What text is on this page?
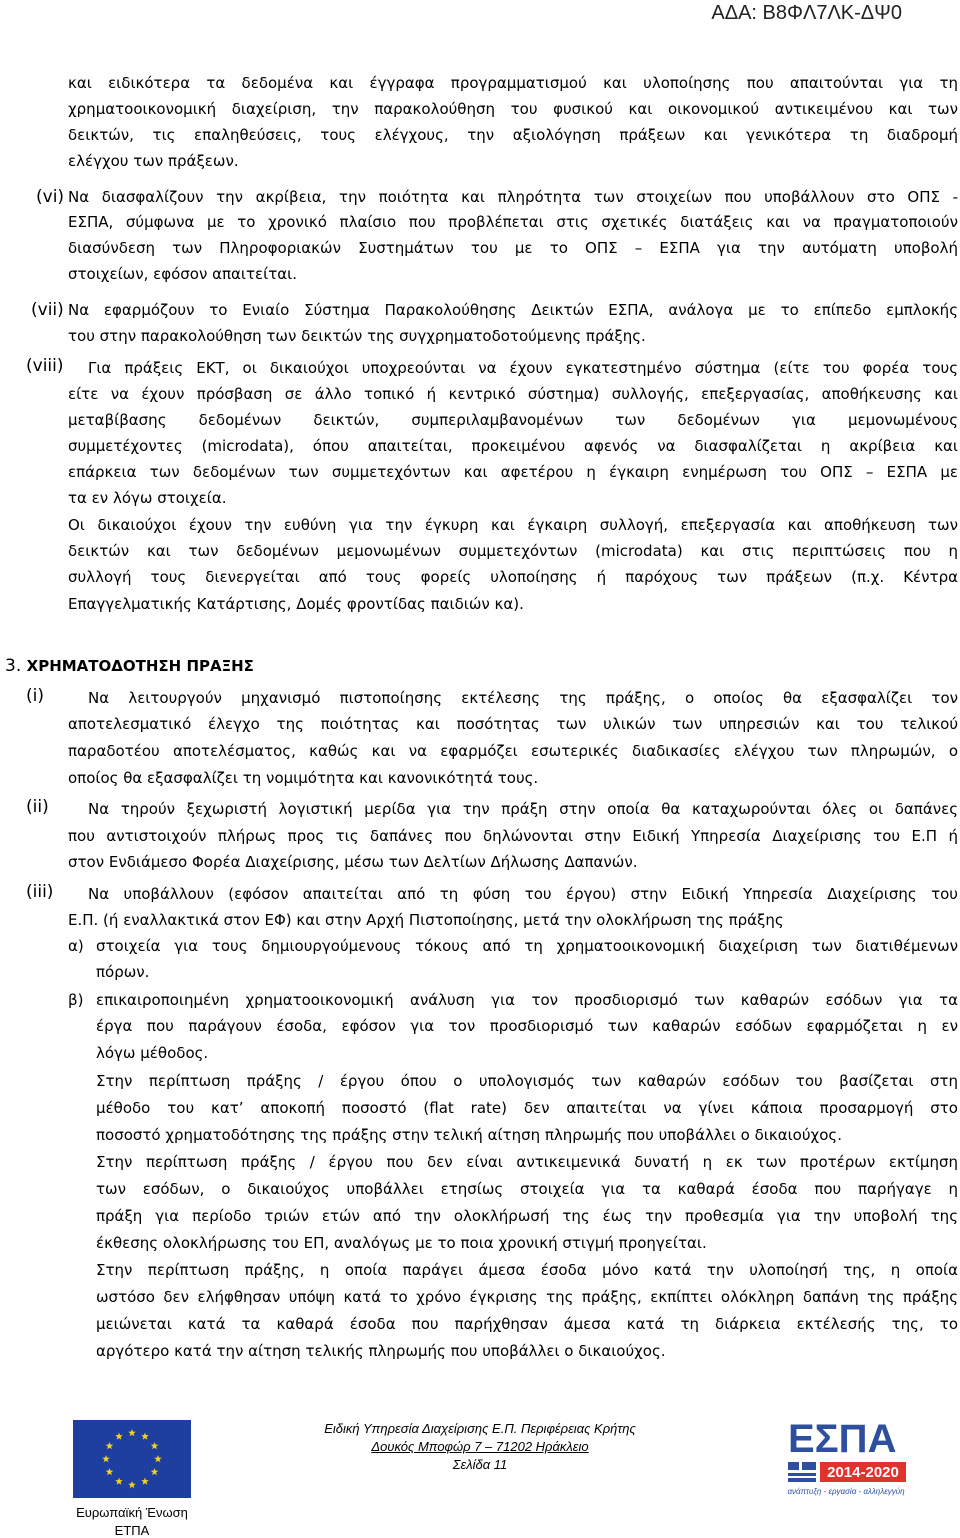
ΑΔΑ: Β8ΦΛ7ΛΚ-ΔΨ0
και ειδικότερα τα δεδομένα και έγγραφα προγραμματισμού και υλοποίησης που απαιτούνται για τη
χρηματοοικονομική διαχείριση, την παρακολούθηση του φυσικού και οικονομικού αντικειμένου και των
δεικτών, τις επαληθεύσεις, τους ελέγχους, την αξιολόγηση πράξεων και γενικότερα τη διαδρομή
ελέγχου των πράξεων.
(vi) Να διασφαλίζουν την ακρίβεια, την ποιότητα και πληρότητα των στοιχείων που υποβάλλουν στο ΟΠΣ -
ΕΣΠΑ, σύμφωνα με το χρονικό πλαίσιο που προβλέπεται στις σχετικές διατάξεις και να πραγματοποιούν
διασύνδεση των Πληροφοριακών Συστημάτων του με το ΟΠΣ – ΕΣΠΑ για την αυτόματη υποβολή
στοιχείων, εφόσον απαιτείται.
(vii) Να εφαρμόζουν το Ενιαίο Σύστημα Παρακολούθησης Δεικτών ΕΣΠΑ, ανάλογα με το επίπεδο εμπλοκής
του στην παρακολούθηση των δεικτών της συγχρηματοδοτούμενης πράξης.
(viii) Για πράξεις ΕΚΤ, οι δικαιούχοι υποχρεούνται να έχουν εγκατεστημένο σύστημα (είτε του φορέα τους
είτε να έχουν πρόσβαση σε άλλο τοπικό ή κεντρικό σύστημα) συλλογής, επεξεργασίας, αποθήκευσης και
μεταβίβασης δεδομένων δεικτών, συμπεριλαμβανομένων των δεδομένων για μεμονωμένους
συμμετέχοντες (microdata), όπου απαιτείται, προκειμένου αφενός να διασφαλίζεται η ακρίβεια και
επάρκεια των δεδομένων των συμμετεχόντων και αφετέρου η έγκαιρη ενημέρωση του ΟΠΣ – ΕΣΠΑ με
τα εν λόγω στοιχεία.
Οι δικαιούχοι έχουν την ευθύνη για την έγκυρη και έγκαιρη συλλογή, επεξεργασία και αποθήκευση των
δεικτών και των δεδομένων μεμονωμένων συμμετεχόντων (microdata) και στις περιπτώσεις που η
συλλογή τους διενεργείται από τους φορείς υλοποίησης ή παρόχους των πράξεων (π.χ. Κέντρα
Επαγγελματικής Κατάρτισης, Δομές φροντίδας παιδιών κα).
3. ΧΡΗΜΑΤΟΔΟΤΗΣΗ ΠΡΑΞΗΣ
(i)	Να λειτουργούν μηχανισμό πιστοποίησης εκτέλεσης της πράξης, ο οποίος θα εξασφαλίζει τον
αποτελεσματικό έλεγχο της ποιότητας και ποσότητας των υλικών των υπηρεσιών και του τελικού
παραδοτέου αποτελέσματος, καθώς και να εφαρμόζει εσωτερικές διαδικασίες ελέγχου των πληρωμών, ο
οποίος θα εξασφαλίζει τη νομιμότητα και κανονικότητά τους.
(ii)	Να τηρούν ξεχωριστή λογιστική μερίδα για την πράξη στην οποία θα καταχωρούνται όλες οι δαπάνες
που αντιστοιχούν πλήρως προς τις δαπάνες που δηλώνονται στην Ειδική Υπηρεσία Διαχείρισης του Ε.Π ή
στον Ενδιάμεσο Φορέα Διαχείρισης, μέσω των Δελτίων Δήλωσης Δαπανών.
(iii) Να υποβάλλουν (εφόσον απαιτείται από τη φύση του έργου) στην Ειδική Υπηρεσία Διαχείρισης του
Ε.Π. (ή εναλλακτικά στον ΕΦ) και στην Αρχή Πιστοποίησης, μετά την ολοκλήρωση της πράξης
α) στοιχεία για τους δημιουργούμενους τόκους από τη χρηματοοικονομική διαχείριση των διατιθέμενων
πόρων.
β) επικαιροποιημένη χρηματοοικονομική ανάλυση για τον προσδιορισμό των καθαρών εσόδων για τα
έργα που παράγουν έσοδα, εφόσον για τον προσδιορισμό των καθαρών εσόδων εφαρμόζεται η εν
λόγω μέθοδος.
Στην περίπτωση πράξης / έργου όπου ο υπολογισμός των καθαρών εσόδων του βασίζεται στη
μέθοδο του κατ’ αποκοπή ποσοστό (flat rate) δεν απαιτείται να γίνει κάποια προσαρμογή στο
ποσοστό χρηματοδότησης της πράξης στην τελική αίτηση πληρωμής που υποβάλλει ο δικαιούχος.
Στην περίπτωση πράξης / έργου που δεν είναι αντικειμενικά δυνατή η εκ των προτέρων εκτίμηση
των εσόδων, ο δικαιούχος υποβάλλει ετησίως στοιχεία για τα καθαρά έσοδα που παρήγαγε η
πράξη για περίοδο τριών ετών από την ολοκλήρωσή της έως την προθεσμία για την υποβολή της
έκθεσης ολοκλήρωσης του ΕΠ, αναλόγως με το ποια χρονική στιγμή προηγείται.
Στην περίπτωση πράξης, η οποία παράγει άμεσα έσοδα μόνο κατά την υλοποίησή της, η οποία
ωστόσο δεν ελήφθησαν υπόψη κατά το χρόνο έγκρισης της πράξης, εκπίπτει ολόκληρη δαπάνη της πράξης
μειώνεται κατά τα καθαρά έσοδα που παρήχθησαν άμεσα κατά τη διάρκεια εκτέλεσής της, το
αργότερο κατά την αίτηση τελικής πληρωμής που υποβάλλει ο δικαιούχος.
Ευρωπαϊκή Ένωση
ΕΤΠΑ
Ειδική Υπηρεσία Διαχείρισης Ε.Π. Περιφέρειας Κρήτης
Δουκός Μποφώρ 7 – 71202 Ηράκλειο
Σελίδα 11
ΕΣΠΑ
2014-2020
ανάπτυξη - εργασία - αλληλεγγύη
